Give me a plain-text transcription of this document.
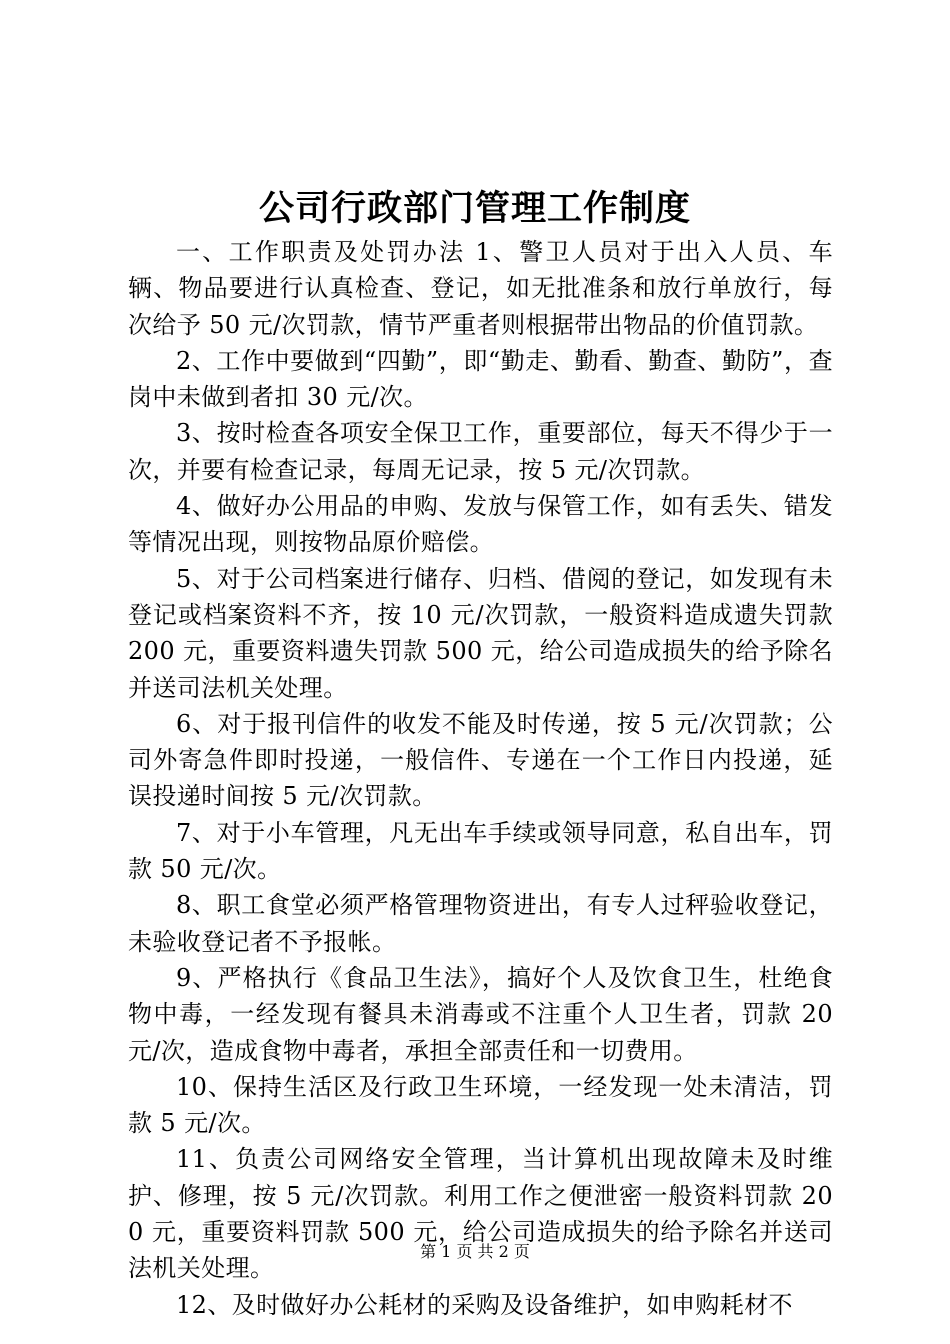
公司行政部门管理工作制度

一、工作职责及处罚办法 1、警卫人员对于出入人员、车辆、物品要进行认真检查、登记，如无批准条和放行单放行，每次给予 50 元/次罚款，情节严重者则根据带出物品的价值罚款。

2、工作中要做到“四勤”，即“勤走、勤看、勤查、勤防”，查岗中未做到者扣 30 元/次。

3、按时检查各项安全保卫工作，重要部位，每天不得少于一次，并要有检查记录，每周无记录，按 5 元/次罚款。

4、做好办公用品的申购、发放与保管工作，如有丢失、错发等情况出现，则按物品原价赔偿。

5、对于公司档案进行储存、归档、借阅的登记，如发现有未登记或档案资料不齐，按 10 元/次罚款，一般资料造成遗失罚款 200 元，重要资料遗失罚款 500 元，给公司造成损失的给予除名并送司法机关处理。

6、对于报刊信件的收发不能及时传递，按 5 元/次罚款；公司外寄急件即时投递，一般信件、专递在一个工作日内投递，延误投递时间按 5 元/次罚款。

7、对于小车管理，凡无出车手续或领导同意，私自出车，罚款 50 元/次。

8、职工食堂必须严格管理物资进出，有专人过秤验收登记，未验收登记者不予报帐。

9、严格执行《食品卫生法》，搞好个人及饮食卫生，杜绝食物中毒，一经发现有餐具未消毒或不注重个人卫生者，罚款 20 元/次，造成食物中毒者，承担全部责任和一切费用。

10、保持生活区及行政卫生环境，一经发现一处未清洁，罚款 5 元/次。

11、负责公司网络安全管理，当计算机出现故障未及时维护、修理，按 5 元/次罚款。利用工作之便泄密一般资料罚款 200 元，重要资料罚款 500 元，给公司造成损失的给予除名并送司法机关处理。

12、及时做好办公耗材的采购及设备维护，如申购耗材不

第 1 页 共 2 页
